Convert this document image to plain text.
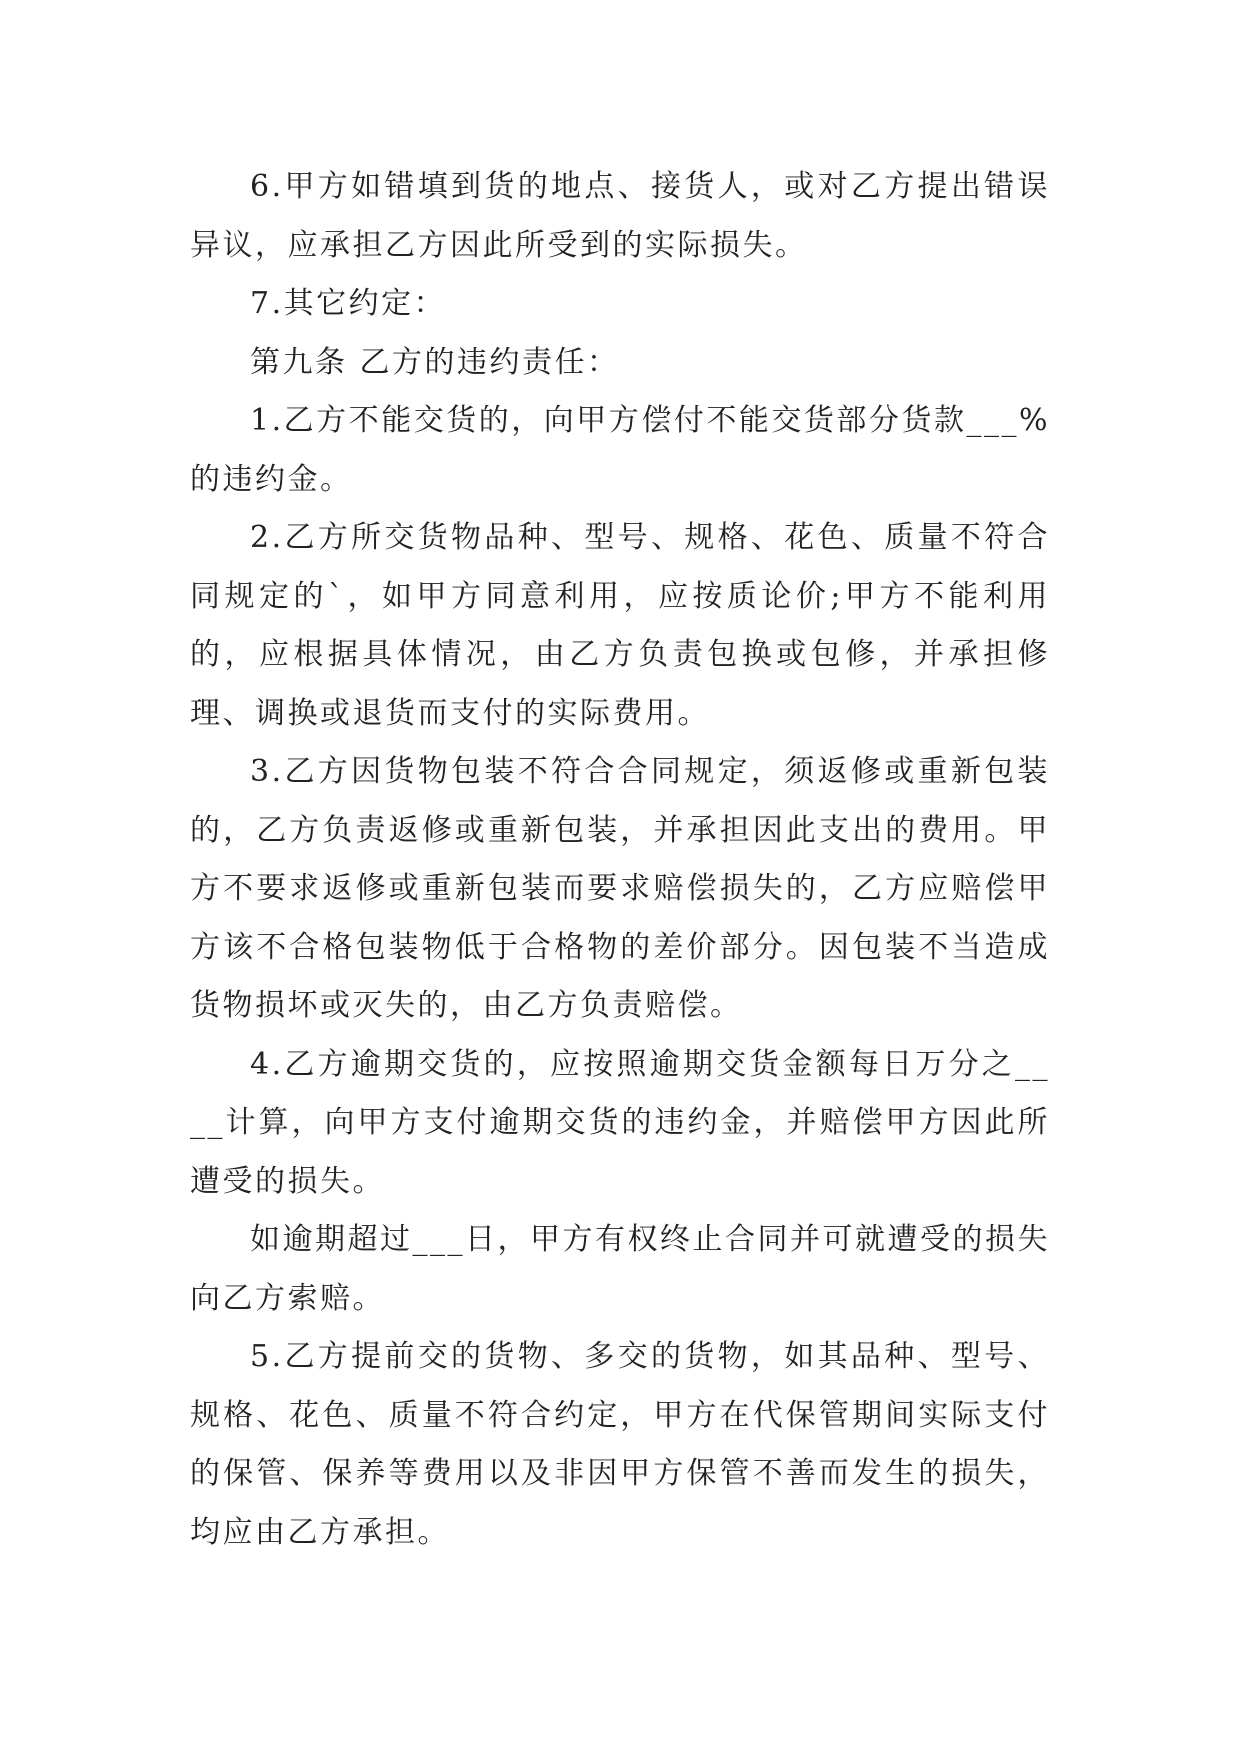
6.甲方如错填到货的地点、接货人，或对乙方提出错误异议，应承担乙方因此所受到的实际损失。

7.其它约定：

第九条 乙方的违约责任：

1.乙方不能交货的，向甲方偿付不能交货部分货款___%的违约金。

2.乙方所交货物品种、型号、规格、花色、质量不符合同规定的`，如甲方同意利用，应按质论价;甲方不能利用的，应根据具体情况，由乙方负责包换或包修，并承担修理、调换或退货而支付的实际费用。

3.乙方因货物包装不符合合同规定，须返修或重新包装的，乙方负责返修或重新包装，并承担因此支出的费用。甲方不要求返修或重新包装而要求赔偿损失的，乙方应赔偿甲方该不合格包装物低于合格物的差价部分。因包装不当造成货物损坏或灭失的，由乙方负责赔偿。

4.乙方逾期交货的，应按照逾期交货金额每日万分之____计算，向甲方支付逾期交货的违约金，并赔偿甲方因此所遭受的损失。

如逾期超过___日，甲方有权终止合同并可就遭受的损失向乙方索赔。

5.乙方提前交的货物、多交的货物，如其品种、型号、规格、花色、质量不符合约定，甲方在代保管期间实际支付的保管、保养等费用以及非因甲方保管不善而发生的损失，均应由乙方承担。
